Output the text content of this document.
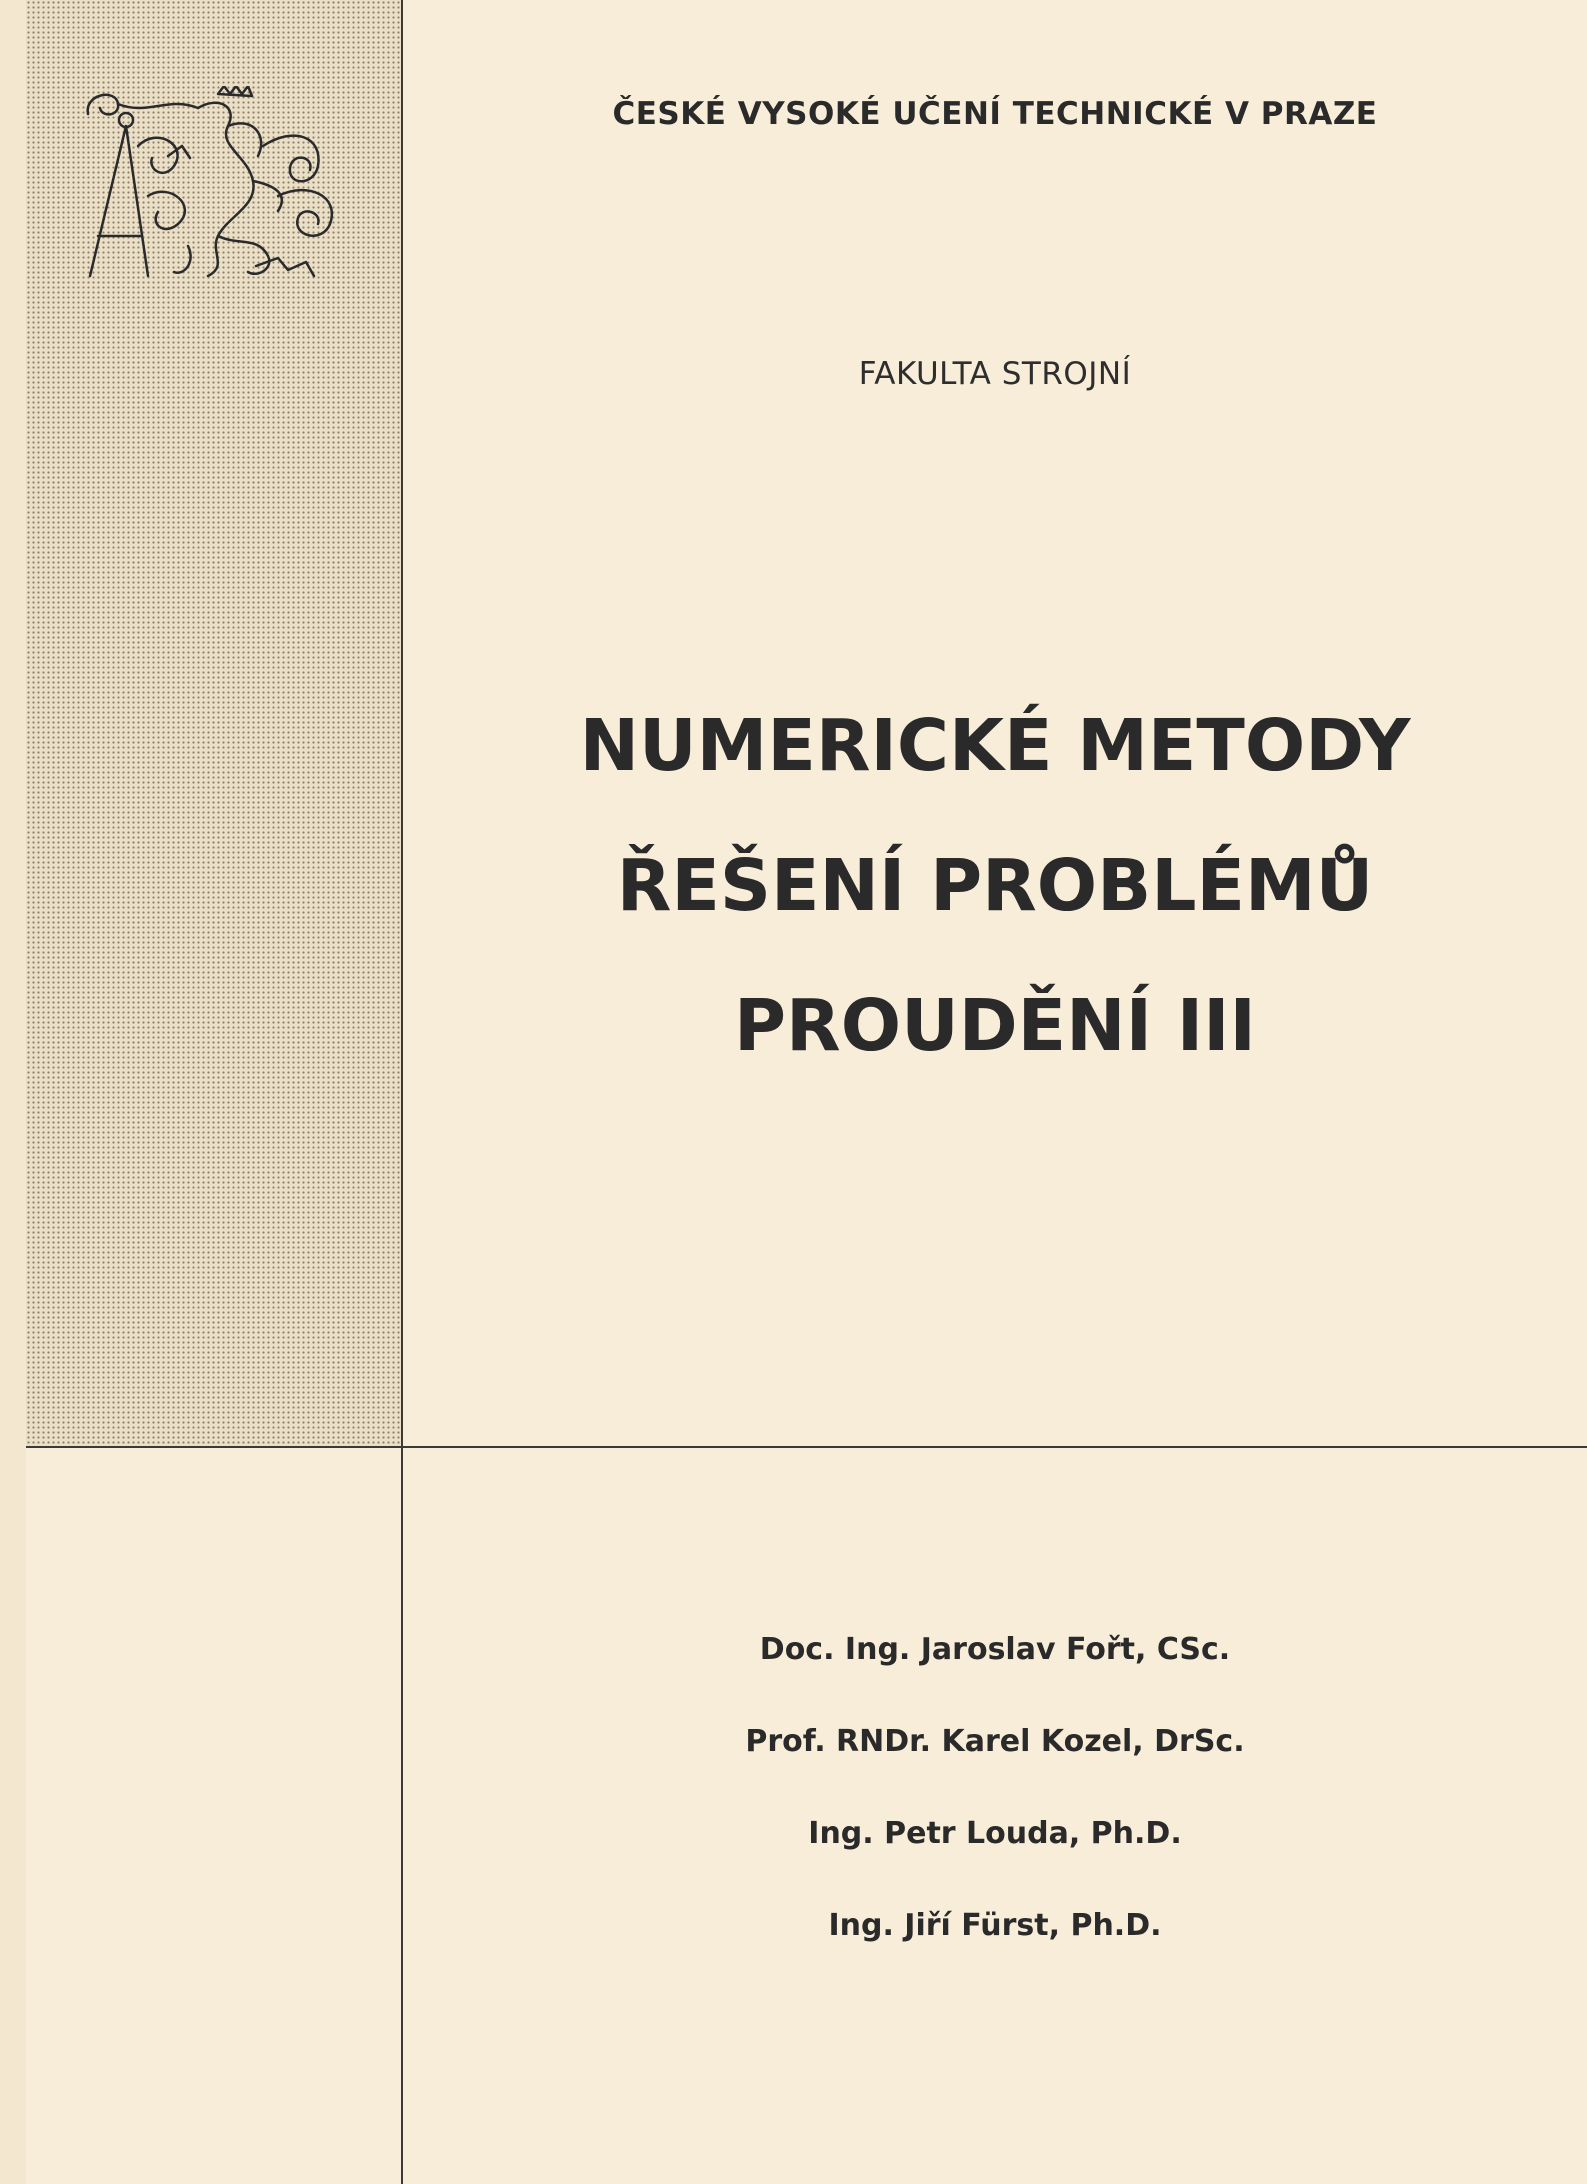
ČESKÉ VYSOKÉ UČENÍ TECHNICKÉ V PRAZE
FAKULTA STROJNÍ
NUMERICKÉ METODY
ŘEŠENÍ PROBLÉMŮ
PROUDĚNÍ III
Doc. Ing. Jaroslav Fořt, CSc.
Prof. RNDr. Karel Kozel, DrSc.
Ing. Petr Louda, Ph.D.
Ing. Jiří Fürst, Ph.D.
